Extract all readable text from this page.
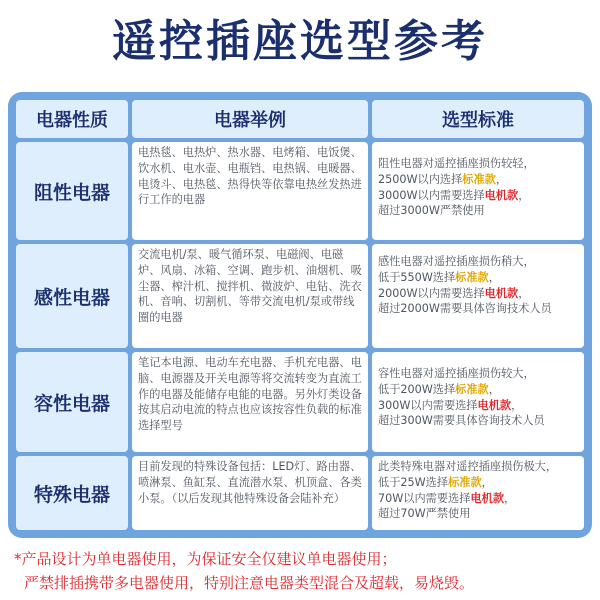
遥控插座选型参考
电器性质	电器举例	选型标准
阻性电器
电热毯、电热炉、热水器、电烤箱、电饭煲、饮水机、电水壶、电瓶铛、电热锅、电暖器、电烫斗、电热毯、热得快等依靠电热丝发热进行工作的电器
阻性电器对遥控插座损伤较轻，
2500W以内选择标准款，
3000W以内需要选择电机款，
超过3000W严禁使用
感性电器
交流电机/泵、暖气循环泵、电磁阀、电磁炉、风扇、冰箱、空调、跑步机、油烟机、吸尘器、榨汁机、搅拌机、微波炉、电钻、洗衣机、音响、切割机、等带交流电机/泵或带线圈的电器
感性电器对遥控插座损伤稍大，
低于550W选择标准款，
2000W以内需要选择电机款，
超过2000W需要具体咨询技术人员
容性电器
笔记本电源、电动车充电器、手机充电器、电脑、电源器及开关电源等将交流转变为直流工作的电器及能储存电能的电器。另外灯类设备按其启动电流的特点也应该按容性负载的标准选择型号
容性电器对遥控插座损伤较大，
低于200W选择标准款，
300W以内需要选择电机款，
超过300W需要具体咨询技术人员
特殊电器
目前发现的特殊设备包括：LED灯、路由器、喷淋泵、鱼缸泵、直流潜水泵、机顶盒、各类小泵。（以后发现其他特殊设备会陆补充）
此类特殊电器对遥控插座损伤极大，
低于25W选择标准款，
70W以内需要选择电机款，
超过70W严禁使用
*产品设计为单电器使用，为保证安全仅建议单电器使用；
严禁排插携带多电器使用，特别注意电器类型混合及超载，易烧毁。
